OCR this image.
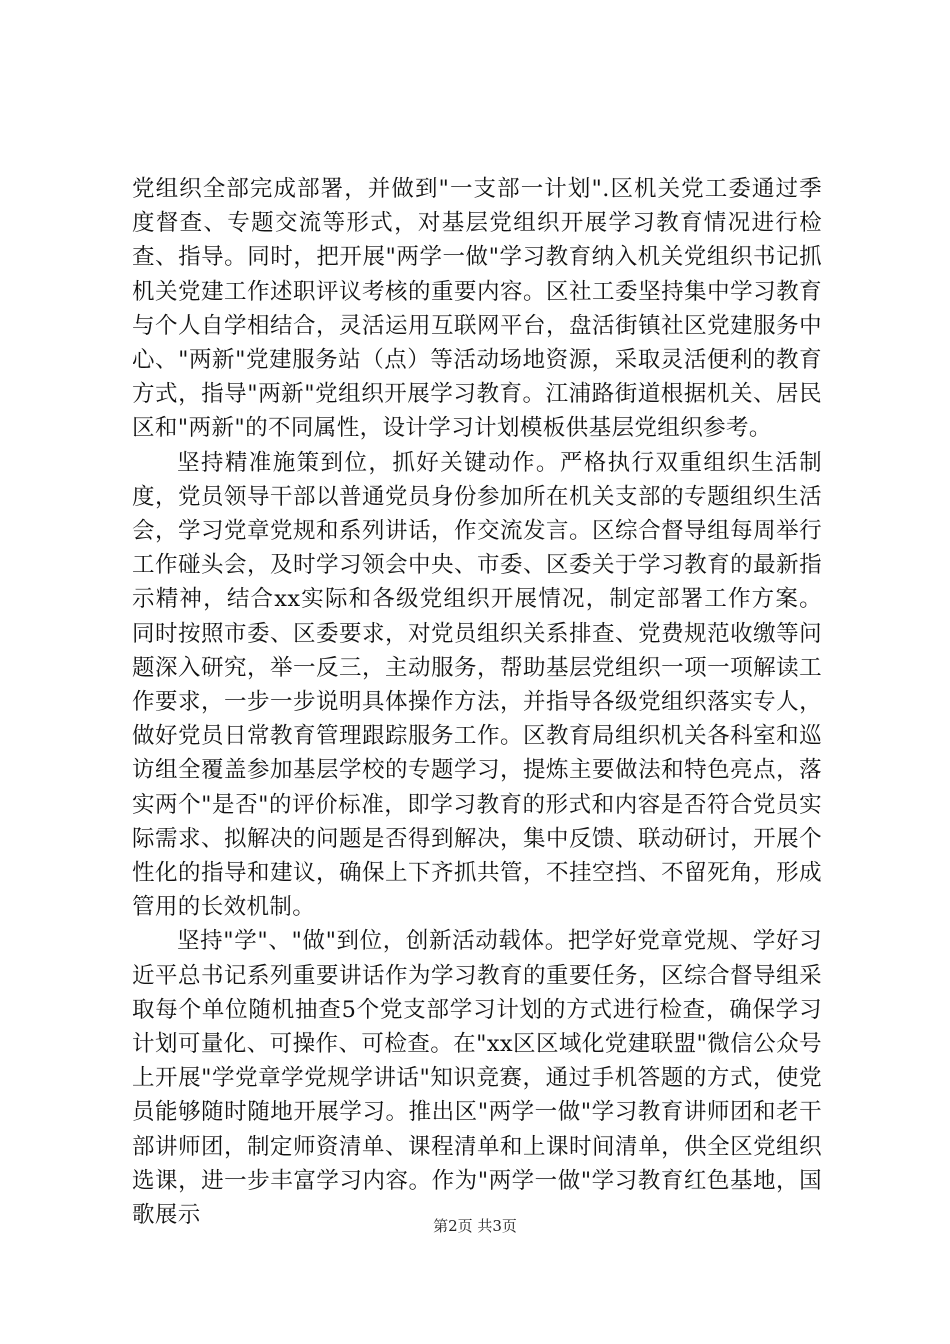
党组织全部完成部署，并做到"一支部一计划".区机关党工委通过季度督查、专题交流等形式，对基层党组织开展学习教育情况进行检查、指导。同时，把开展"两学一做"学习教育纳入机关党组织书记抓机关党建工作述职评议考核的重要内容。区社工委坚持集中学习教育与个人自学相结合，灵活运用互联网平台，盘活街镇社区党建服务中心、"两新"党建服务站（点）等活动场地资源，采取灵活便利的教育方式，指导"两新"党组织开展学习教育。江浦路街道根据机关、居民区和"两新"的不同属性，设计学习计划模板供基层党组织参考。

坚持精准施策到位，抓好关键动作。严格执行双重组织生活制度，党员领导干部以普通党员身份参加所在机关支部的专题组织生活会，学习党章党规和系列讲话，作交流发言。区综合督导组每周举行工作碰头会，及时学习领会中央、市委、区委关于学习教育的最新指示精神，结合xx实际和各级党组织开展情况，制定部署工作方案。同时按照市委、区委要求，对党员组织关系排查、党费规范收缴等问题深入研究，举一反三，主动服务，帮助基层党组织一项一项解读工作要求，一步一步说明具体操作方法，并指导各级党组织落实专人，做好党员日常教育管理跟踪服务工作。区教育局组织机关各科室和巡访组全覆盖参加基层学校的专题学习，提炼主要做法和特色亮点，落实两个"是否"的评价标准，即学习教育的形式和内容是否符合党员实际需求、拟解决的问题是否得到解决，集中反馈、联动研讨，开展个性化的指导和建议，确保上下齐抓共管，不挂空挡、不留死角，形成管用的长效机制。

坚持"学"、"做"到位，创新活动载体。把学好党章党规、学好习近平总书记系列重要讲话作为学习教育的重要任务，区综合督导组采取每个单位随机抽查5个党支部学习计划的方式进行检查，确保学习计划可量化、可操作、可检查。在"xx区区域化党建联盟"微信公众号上开展"学党章学党规学讲话"知识竞赛，通过手机答题的方式，使党员能够随时随地开展学习。推出区"两学一做"学习教育讲师团和老干部讲师团，制定师资清单、课程清单和上课时间清单，供全区党组织选课，进一步丰富学习内容。作为"两学一做"学习教育红色基地，国歌展示	第2页 共3页
